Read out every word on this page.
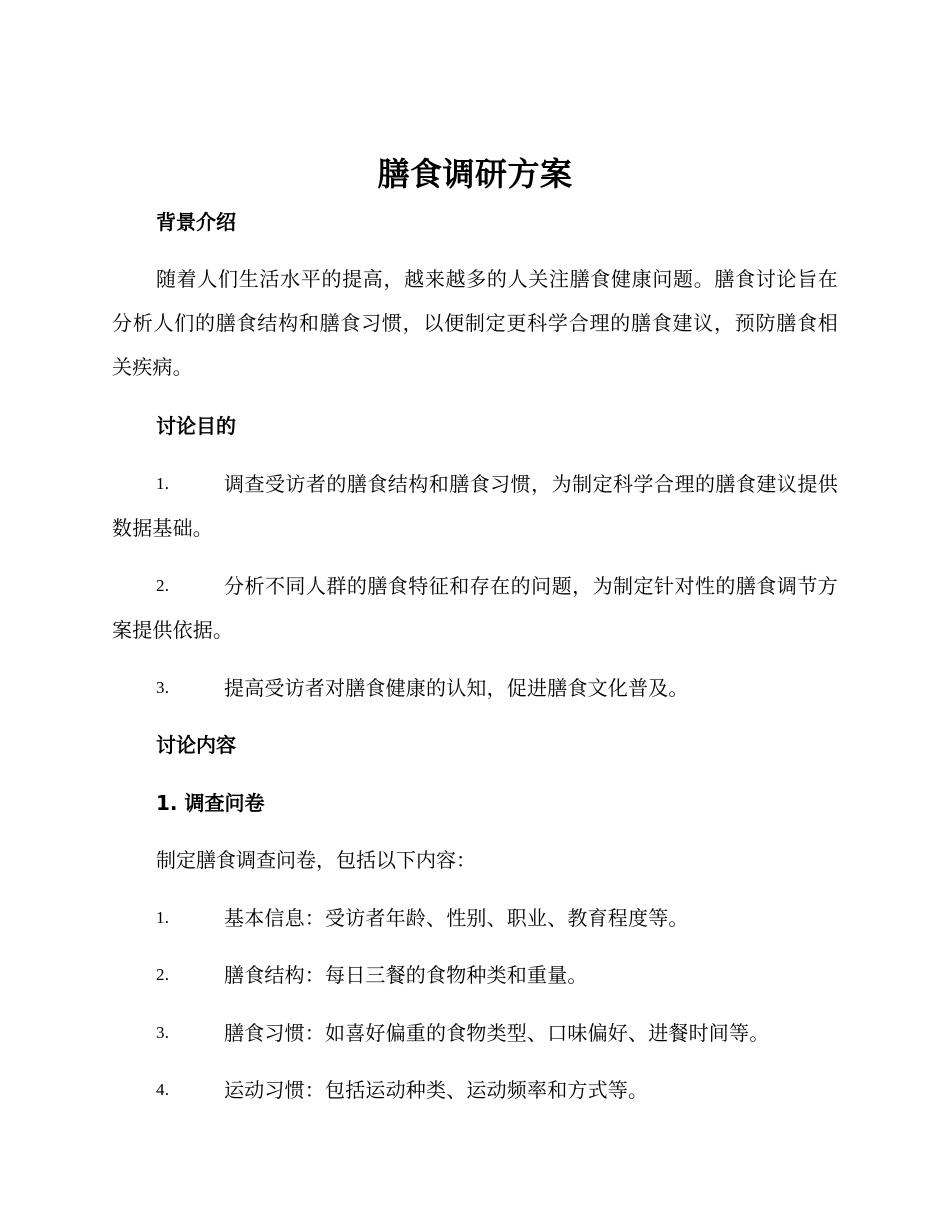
膳食调研方案
背景介绍
随着人们生活水平的提高，越来越多的人关注膳食健康问题。膳食讨论旨在分析人们的膳食结构和膳食习惯，以便制定更科学合理的膳食建议，预防膳食相关疾病。
讨论目的
1.	调查受访者的膳食结构和膳食习惯，为制定科学合理的膳食建议提供数据基础。
2.	分析不同人群的膳食特征和存在的问题，为制定针对性的膳食调节方案提供依据。
3.	提高受访者对膳食健康的认知，促进膳食文化普及。
讨论内容
1. 调查问卷
制定膳食调查问卷，包括以下内容：
1.	基本信息：受访者年龄、性别、职业、教育程度等。
2.	膳食结构：每日三餐的食物种类和重量。
3.	膳食习惯：如喜好偏重的食物类型、口味偏好、进餐时间等。
4.	运动习惯：包括运动种类、运动频率和方式等。
